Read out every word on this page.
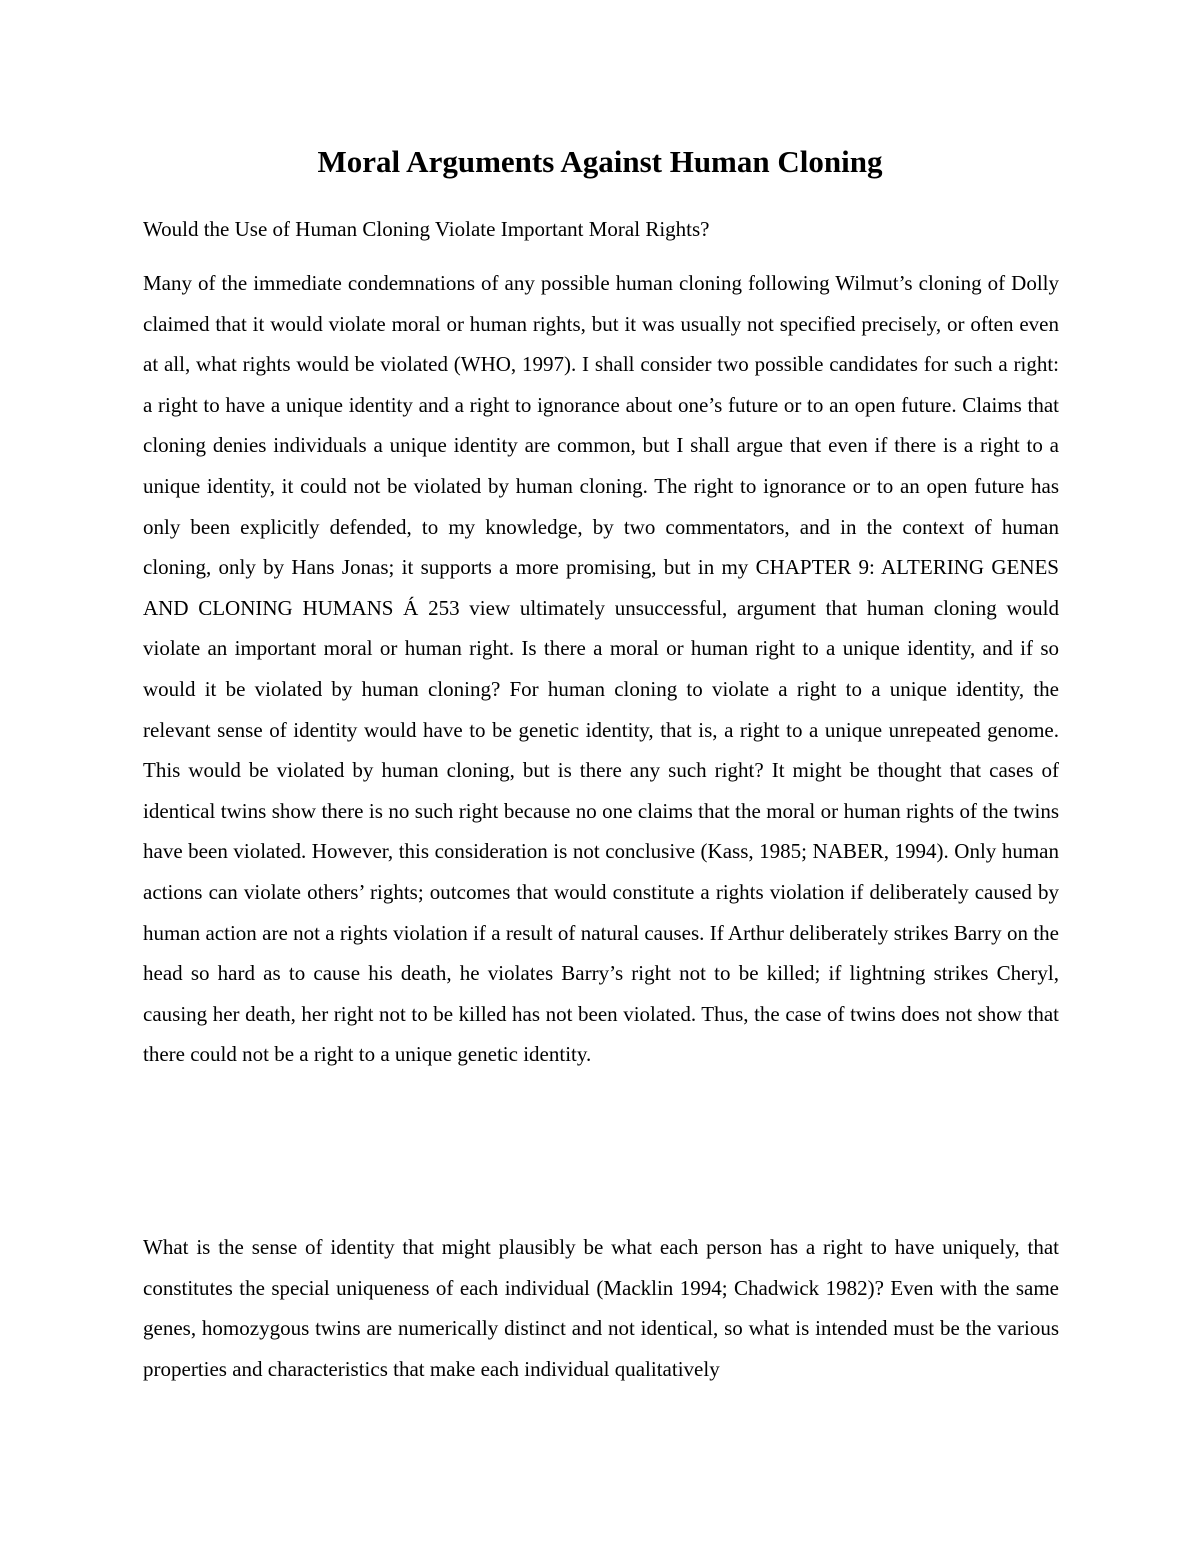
Moral Arguments Against Human Cloning

Would the Use of Human Cloning Violate Important Moral Rights?

Many of the immediate condemnations of any possible human cloning following Wilmut’s cloning of Dolly claimed that it would violate moral or human rights, but it was usually not specified precisely, or often even at all, what rights would be violated (WHO, 1997). I shall consider two possible candidates for such a right: a right to have a unique identity and a right to ignorance about one’s future or to an open future. Claims that cloning denies individuals a unique identity are common, but I shall argue that even if there is a right to a unique identity, it could not be violated by human cloning. The right to ignorance or to an open future has only been explicitly defended, to my knowledge, by two commentators, and in the context of human cloning, only by Hans Jonas; it supports a more promising, but in my CHAPTER 9: ALTERING GENES AND CLONING HUMANS Á 253 view ultimately unsuccessful, argument that human cloning would violate an important moral or human right. Is there a moral or human right to a unique identity, and if so would it be violated by human cloning? For human cloning to violate a right to a unique identity, the relevant sense of identity would have to be genetic identity, that is, a right to a unique unrepeated genome. This would be violated by human cloning, but is there any such right? It might be thought that cases of identical twins show there is no such right because no one claims that the moral or human rights of the twins have been violated. However, this consideration is not conclusive (Kass, 1985; NABER, 1994). Only human actions can violate others’ rights; outcomes that would constitute a rights violation if deliberately caused by human action are not a rights violation if a result of natural causes. If Arthur deliberately strikes Barry on the head so hard as to cause his death, he violates Barry’s right not to be killed; if lightning strikes Cheryl, causing her death, her right not to be killed has not been violated. Thus, the case of twins does not show that there could not be a right to a unique genetic identity.

What is the sense of identity that might plausibly be what each person has a right to have uniquely, that constitutes the special uniqueness of each individual (Macklin 1994; Chadwick 1982)? Even with the same genes, homozygous twins are numerically distinct and not identical, so what is intended must be the various properties and characteristics that make each individual qualitatively
